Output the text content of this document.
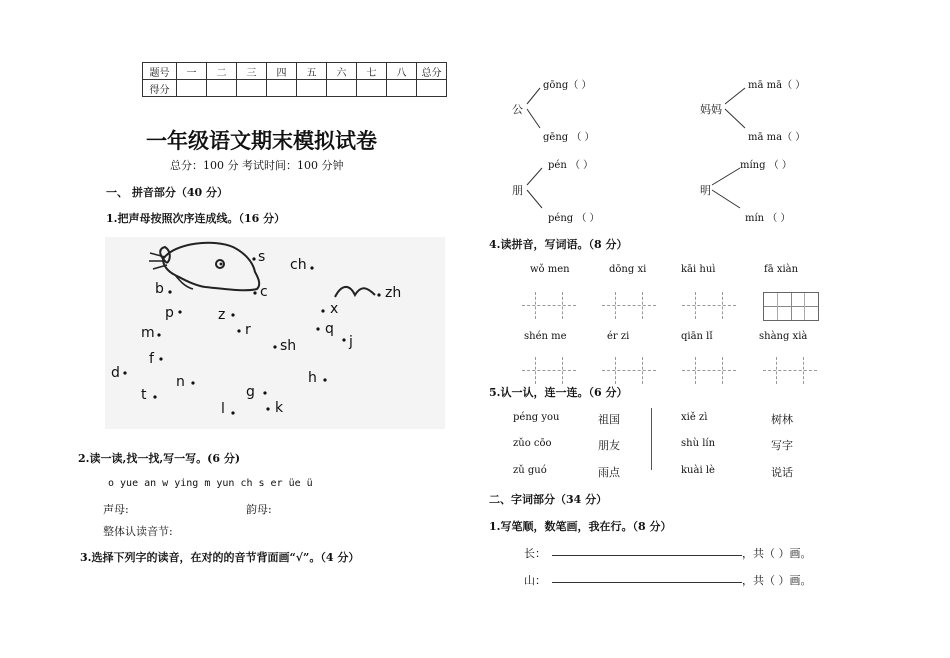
题号	一	二	三	四	五	六	七	八	总分
得分									
一年级语文期末模拟试卷
总分：100 分 考试时间：100 分钟
一、 拼音部分（40 分）
1.把声母按照次序连成线。（16 分）
s ch
b	c	zh
p	z	x
m	r	q
sh	j
f
d
n	h
t	g
l	k
2.读一读,找一找,写一写。(6 分)
o yue an w ying m yun ch s er üe ü
声母:	韵母:
整体认读音节:
3.选择下列字的读音，在对的的音节背面画“√”。（4 分）
gōng（ ）
公
gēng （ ）
mā mā（ ）
妈妈
mā ma（ ）
pén （ ）
朋
péng （ ）
míng （ ）
明
mín （ ）
4.读拼音，写词语。（8 分）
wǒ men	dōng xi	kāi huì	fā xiàn
shén me	ér zi	qiān lǐ	shàng xià
5.认一认，连一连。（6 分）
péng you
zǔo cōo
zǔ guó
祖国
朋友
雨点
xiě zì
shù lín
kuài lè
树林
写字
说话
二、字词部分（34 分）
1.写笔顺，数笔画，我在行。（8 分）
长：	，共（ ）画。
山：	，共（ ）画。
